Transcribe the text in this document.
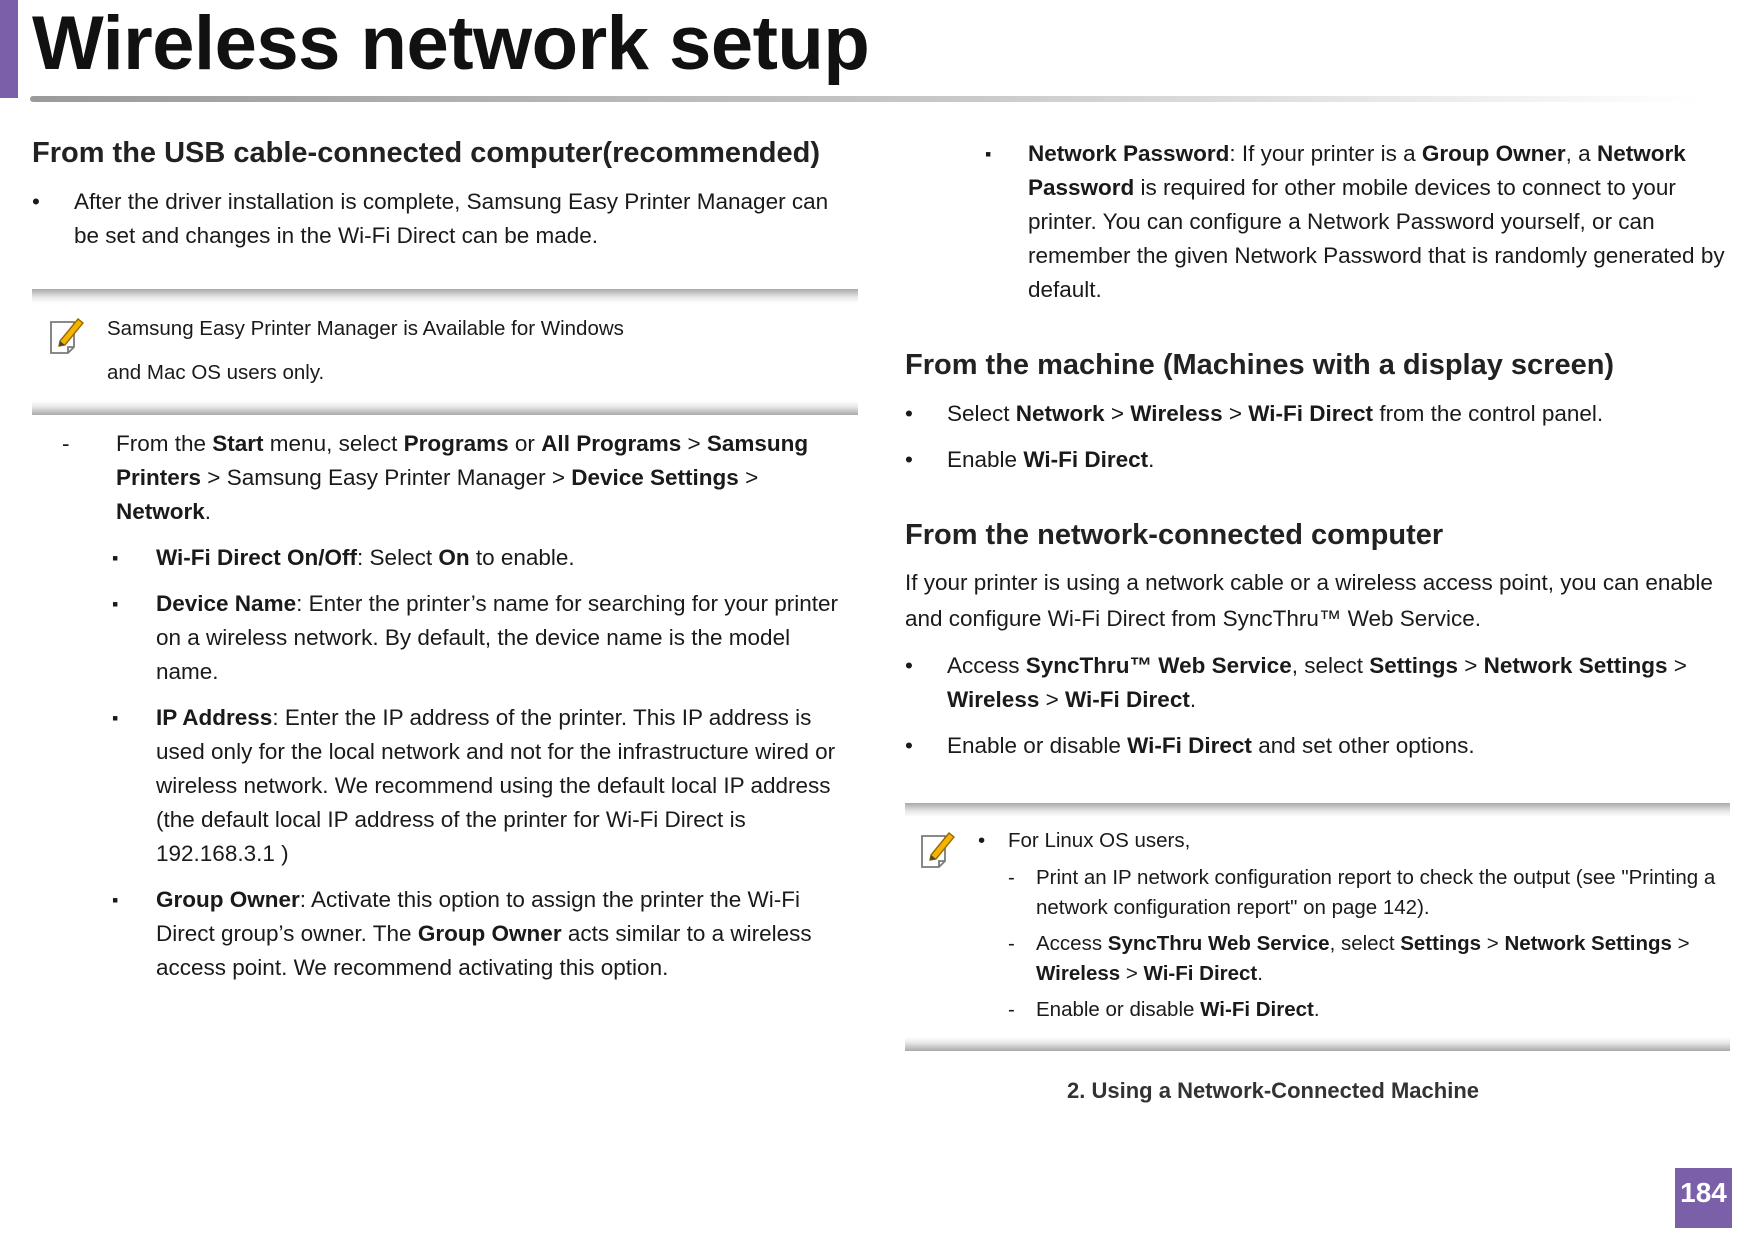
Wireless network setup
From the USB cable-connected computer(recommended)
•	After the driver installation is complete, Samsung Easy Printer Manager can be set and changes in the Wi-Fi Direct can be made.

Samsung Easy Printer Manager is Available for Windows

and Mac OS users only.

- From the Start menu, select Programs or All Programs > Samsung Printers > Samsung Easy Printer Manager > Device Settings > Network.
▪ Wi-Fi Direct On/Off: Select On to enable.
▪ Device Name: Enter the printer’s name for searching for your printer on a wireless network. By default, the device name is the model name.
▪ IP Address: Enter the IP address of the printer. This IP address is used only for the local network and not for the infrastructure wired or wireless network. We recommend using the default local IP address (the default local IP address of the printer for Wi-Fi Direct is 192.168.3.1 )
▪ Group Owner: Activate this option to assign the printer the Wi-Fi Direct group’s owner. The Group Owner acts similar to a wireless access point. We recommend activating this option.
▪ Network Password: If your printer is a Group Owner, a Network Password is required for other mobile devices to connect to your printer. You can configure a Network Password yourself, or can remember the given Network Password that is randomly generated by default.
From the machine (Machines with a display screen)
•	Select Network > Wireless > Wi-Fi Direct from the control panel.
•	Enable Wi-Fi Direct.
From the network-connected computer
If your printer is using a network cable or a wireless access point, you can enable and configure Wi-Fi Direct from SyncThru™ Web Service.
•	Access SyncThru™ Web Service, select Settings > Network Settings > Wireless > Wi-Fi Direct.
•	Enable or disable Wi-Fi Direct and set other options.
• For Linux OS users,
- Print an IP network configuration report to check the output (see "Printing a network configuration report" on page 142).
- Access SyncThru Web Service, select Settings > Network Settings > Wireless > Wi-Fi Direct.
- Enable or disable Wi-Fi Direct.
2. Using a Network-Connected Machine
184
